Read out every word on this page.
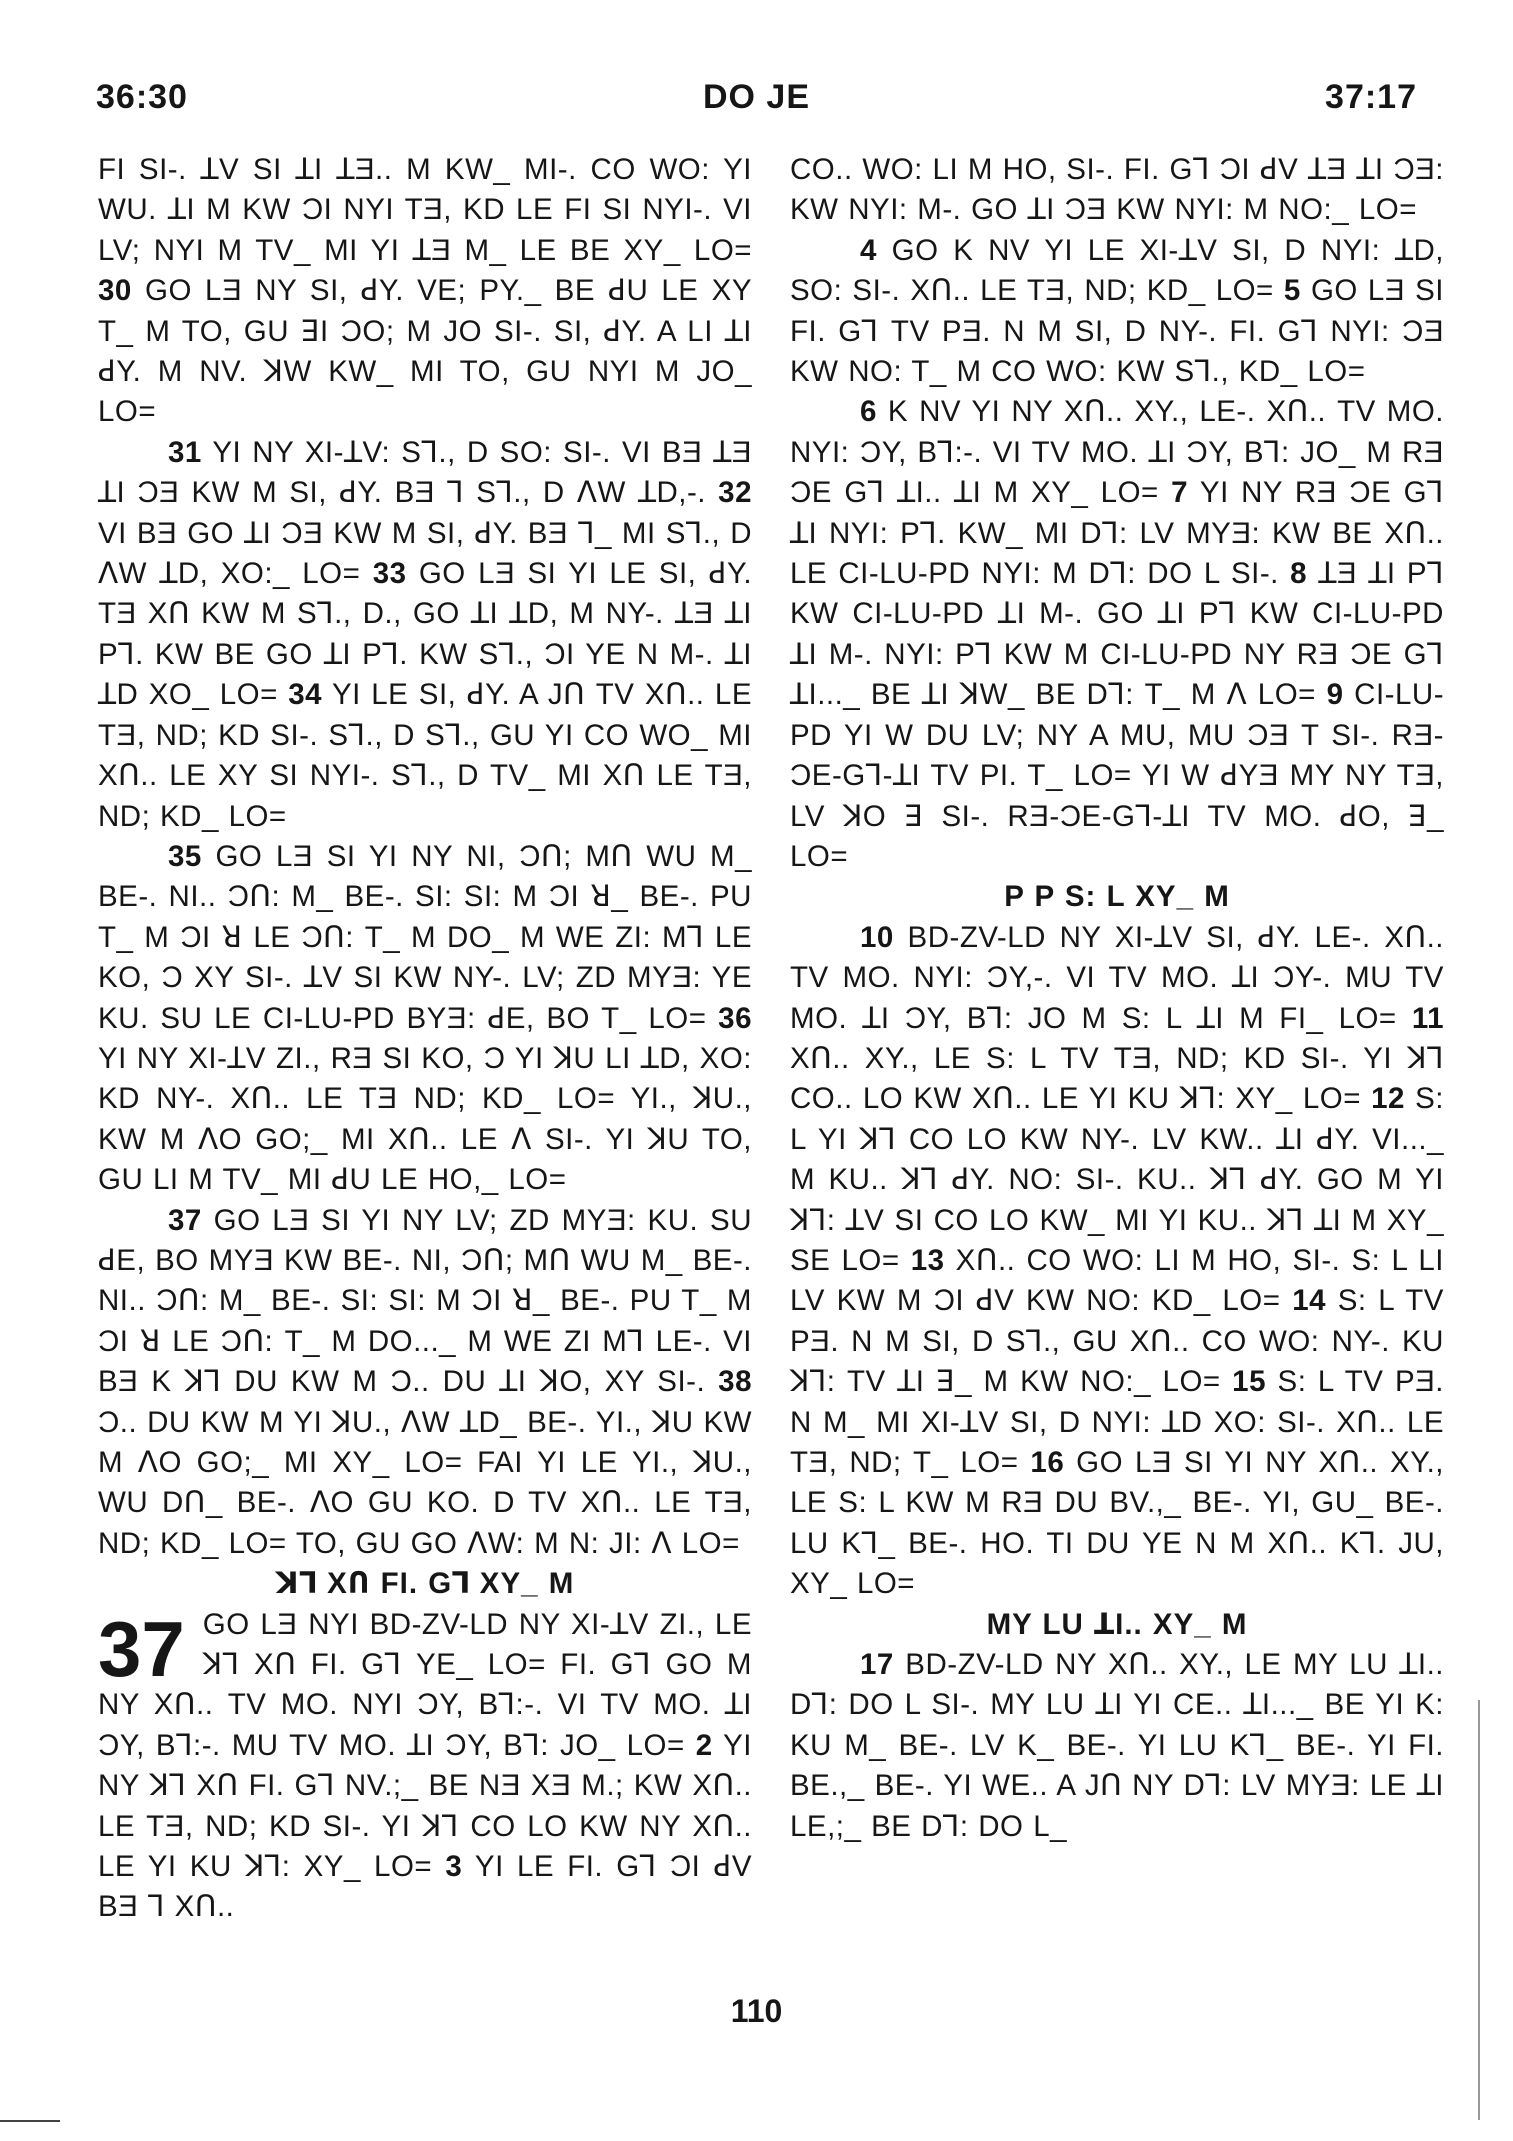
36:30	DO JE	37:17

FI SI-. ꓕV SI ꓕI ꓕƎ.. M KW_ MI-. CO WO: YI WU. ꓕI M KW ƆI NYI TƎ, KD LE FI SI NYI-. VI LV; NYI M TV_ MI YI ꓕƎ M_ LE BE XY_ LO= 30 GO LƎ NY SI, ꓒY. VE; PY._ BE ꓒU LE XY T_ M TO, GU ꓱI ƆO; M JO SI-. SI, ꓒY. A LI ꓕI ꓒY. M NV. ꓘW KW_ MI TO, GU NYI M JO_ LO=

31 YI NY XI-ꓕV: Sꓶ., D SO: SI-. VI BƎ ꓕƎ ꓕI ƆƎ KW M SI, ꓒY. BƎ ꓶ Sꓶ., D ꓥW ꓕD,-. 32 VI BƎ GO ꓕI ƆƎ KW M SI, ꓒY. BƎ ꓶ_ MI Sꓶ., D ꓥW ꓕD, XO:_ LO= 33 GO LƎ SI YI LE SI, ꓒY. TƎ XՈ KW M Sꓶ., D., GO ꓕI ꓕD, M NY-. ꓕƎ ꓕI Pꓶ. KW BE GO ꓕI Pꓶ. KW Sꓶ., ƆI YE N M-. ꓕI ꓕD XO_ LO= 34 YI LE SI, ꓒY. A JՈ TV XՈ.. LE TƎ, ND; KD SI-. Sꓶ., D Sꓶ., GU YI CO WO_ MI XՈ.. LE XY SI NYI-. Sꓶ., D TV_ MI XՈ LE TƎ, ND; KD_ LO=

35 GO LƎ SI YI NY NI, ƆՈ; MՈ WU M_ BE-. NI.. ƆՈ: M_ BE-. SI: SI: M ƆI ꓤ_ BE-. PU T_ M ƆI ꓤ LE ƆՈ: T_ M DO_ M WE ZI: Mꓶ LE KO, Ɔ XY SI-. ꓕV SI KW NY-. LV; ZD MYƎ: YE KU. SU LE CI-LU-PD BYƎ: ꓒE, BO T_ LO= 36 YI NY XI-ꓕV ZI., RƎ SI KO, Ɔ YI ꓘU LI ꓕD, XO: KD NY-. XՈ.. LE TƎ ND; KD_ LO= YI., ꓘU., KW M ꓥO GO;_ MI XՈ.. LE ꓥ SI-. YI ꓘU TO, GU LI M TV_ MI ꓒU LE HO,_ LO=

37 GO LƎ SI YI NY LV; ZD MYƎ: KU. SU ꓒE, BO MYƎ KW BE-. NI, ƆՈ; MՈ WU M_ BE-. NI.. ƆՈ: M_ BE-. SI: SI: M ƆI ꓤ_ BE-. PU T_ M ƆI ꓤ LE ƆՈ: T_ M DO..._ M WE ZI Mꓶ LE-. VI BƎ K ꓘꓶ DU KW M Ɔ.. DU ꓕI ꓘO, XY SI-. 38 Ɔ.. DU KW M YI ꓘU., ꓥW ꓕD_ BE-. YI., ꓘU KW M ꓥO GO;_ MI XY_ LO= FAI YI LE YI., ꓘU., WU DՈ_ BE-. ꓥO GU KO. D TV XՈ.. LE TƎ, ND; KD_ LO= TO, GU GO ꓥW: M N: JI: ꓥ LO=

ꓘꓶ XՈ FI. Gꓶ XY_ M

37 GO LƎ NYI BD-ZV-LD NY XI-ꓕV ZI., LE ꓘꓶ XՈ FI. Gꓶ YE_ LO= FI. Gꓶ GO M NY XՈ.. TV MO. NYI ƆY, Bꓶ:-. VI TV MO. ꓕI ƆY, Bꓶ:-. MU TV MO. ꓕI ƆY, Bꓶ: JO_ LO= 2 YI NY ꓘꓶ XՈ FI. Gꓶ NV.;_ BE NƎ XƎ M.; KW XՈ.. LE TƎ, ND; KD SI-. YI ꓘꓶ CO LO KW NY XՈ.. LE YI KU ꓘꓶ: XY_ LO= 3 YI LE FI. Gꓶ ƆI ꓒV BƎ ꓶ XՈ..

CO.. WO: LI M HO, SI-. FI. Gꓶ ƆI ꓒV ꓕƎ ꓕI ƆƎ: KW NYI: M-. GO ꓕI ƆƎ KW NYI: M NO:_ LO=

4 GO K NV YI LE XI-ꓕV SI, D NYI: ꓕD, SO: SI-. XՈ.. LE TƎ, ND; KD_ LO= 5 GO LƎ SI FI. Gꓶ TV PƎ. N M SI, D NY-. FI. Gꓶ NYI: ƆƎ KW NO: T_ M CO WO: KW Sꓶ., KD_ LO=

6 K NV YI NY XՈ.. XY., LE-. XՈ.. TV MO. NYI: ƆY, Bꓶ:-. VI TV MO. ꓕI ƆY, Bꓶ: JO_ M RƎ ƆE Gꓶ ꓕI.. ꓕI M XY_ LO= 7 YI NY RƎ ƆE Gꓶ ꓕI NYI: Pꓶ. KW_ MI Dꓶ: LV MYƎ: KW BE XՈ.. LE CI-LU-PD NYI: M Dꓶ: DO L SI-. 8 ꓕƎ ꓕI Pꓶ KW CI-LU-PD ꓕI M-. GO ꓕI Pꓶ KW CI-LU-PD ꓕI M-. NYI: Pꓶ KW M CI-LU-PD NY RƎ ƆE Gꓶ ꓕI..._ BE ꓕI ꓘW_ BE Dꓶ: T_ M ꓥ LO= 9 CI-LU-PD YI W DU LV; NY A MU, MU ƆƎ T SI-. RƎ-ƆE-Gꓶ-ꓕI TV PI. T_ LO= YI W ꓒYƎ MY NY TƎ, LV ꓘO ꓱ SI-. RƎ-ƆE-Gꓶ-ꓕI TV MO. ꓒO, ꓱ_ LO=

P P S: L XY_ M

10 BD-ZV-LD NY XI-ꓕV SI, ꓒY. LE-. XՈ.. TV MO. NYI: ƆY,-. VI TV MO. ꓕI ƆY-. MU TV MO. ꓕI ƆY, Bꓶ: JO M S: L ꓕI M FI_ LO= 11 XՈ.. XY., LE S: L TV TƎ, ND; KD SI-. YI ꓘꓶ CO.. LO KW XՈ.. LE YI KU ꓘꓶ: XY_ LO= 12 S: L YI ꓘꓶ CO LO KW NY-. LV KW.. ꓕI ꓒY. VI..._ M KU.. ꓘꓶ ꓒY. NO: SI-. KU.. ꓘꓶ ꓒY. GO M YI ꓘꓶ: ꓕV SI CO LO KW_ MI YI KU.. ꓘꓶ ꓕI M XY_ SE LO= 13 XՈ.. CO WO: LI M HO, SI-. S: L LI LV KW M ƆI ꓒV KW NO: KD_ LO= 14 S: L TV PƎ. N M SI, D Sꓶ., GU XՈ.. CO WO: NY-. KU ꓘꓶ: TV ꓕI ꓱ_ M KW NO:_ LO= 15 S: L TV PƎ. N M_ MI XI-ꓕV SI, D NYI: ꓕD XO: SI-. XՈ.. LE TƎ, ND; T_ LO= 16 GO LƎ SI YI NY XՈ.. XY., LE S: L KW M RƎ DU BV.,_ BE-. YI, GU_ BE-. LU Kꓶ_ BE-. HO. TI DU YE N M XՈ.. Kꓶ. JU, XY_ LO=

MY LU ꓕI.. XY_ M

17 BD-ZV-LD NY XՈ.. XY., LE MY LU ꓕI.. Dꓶ: DO L SI-. MY LU ꓕI YI CE.. ꓕI..._ BE YI K: KU M_ BE-. LV K_ BE-. YI LU Kꓶ_ BE-. YI FI. BE.,_ BE-. YI WE.. A JՈ NY Dꓶ: LV MYƎ: LE ꓕI LE,;_ BE Dꓶ: DO L_

110
